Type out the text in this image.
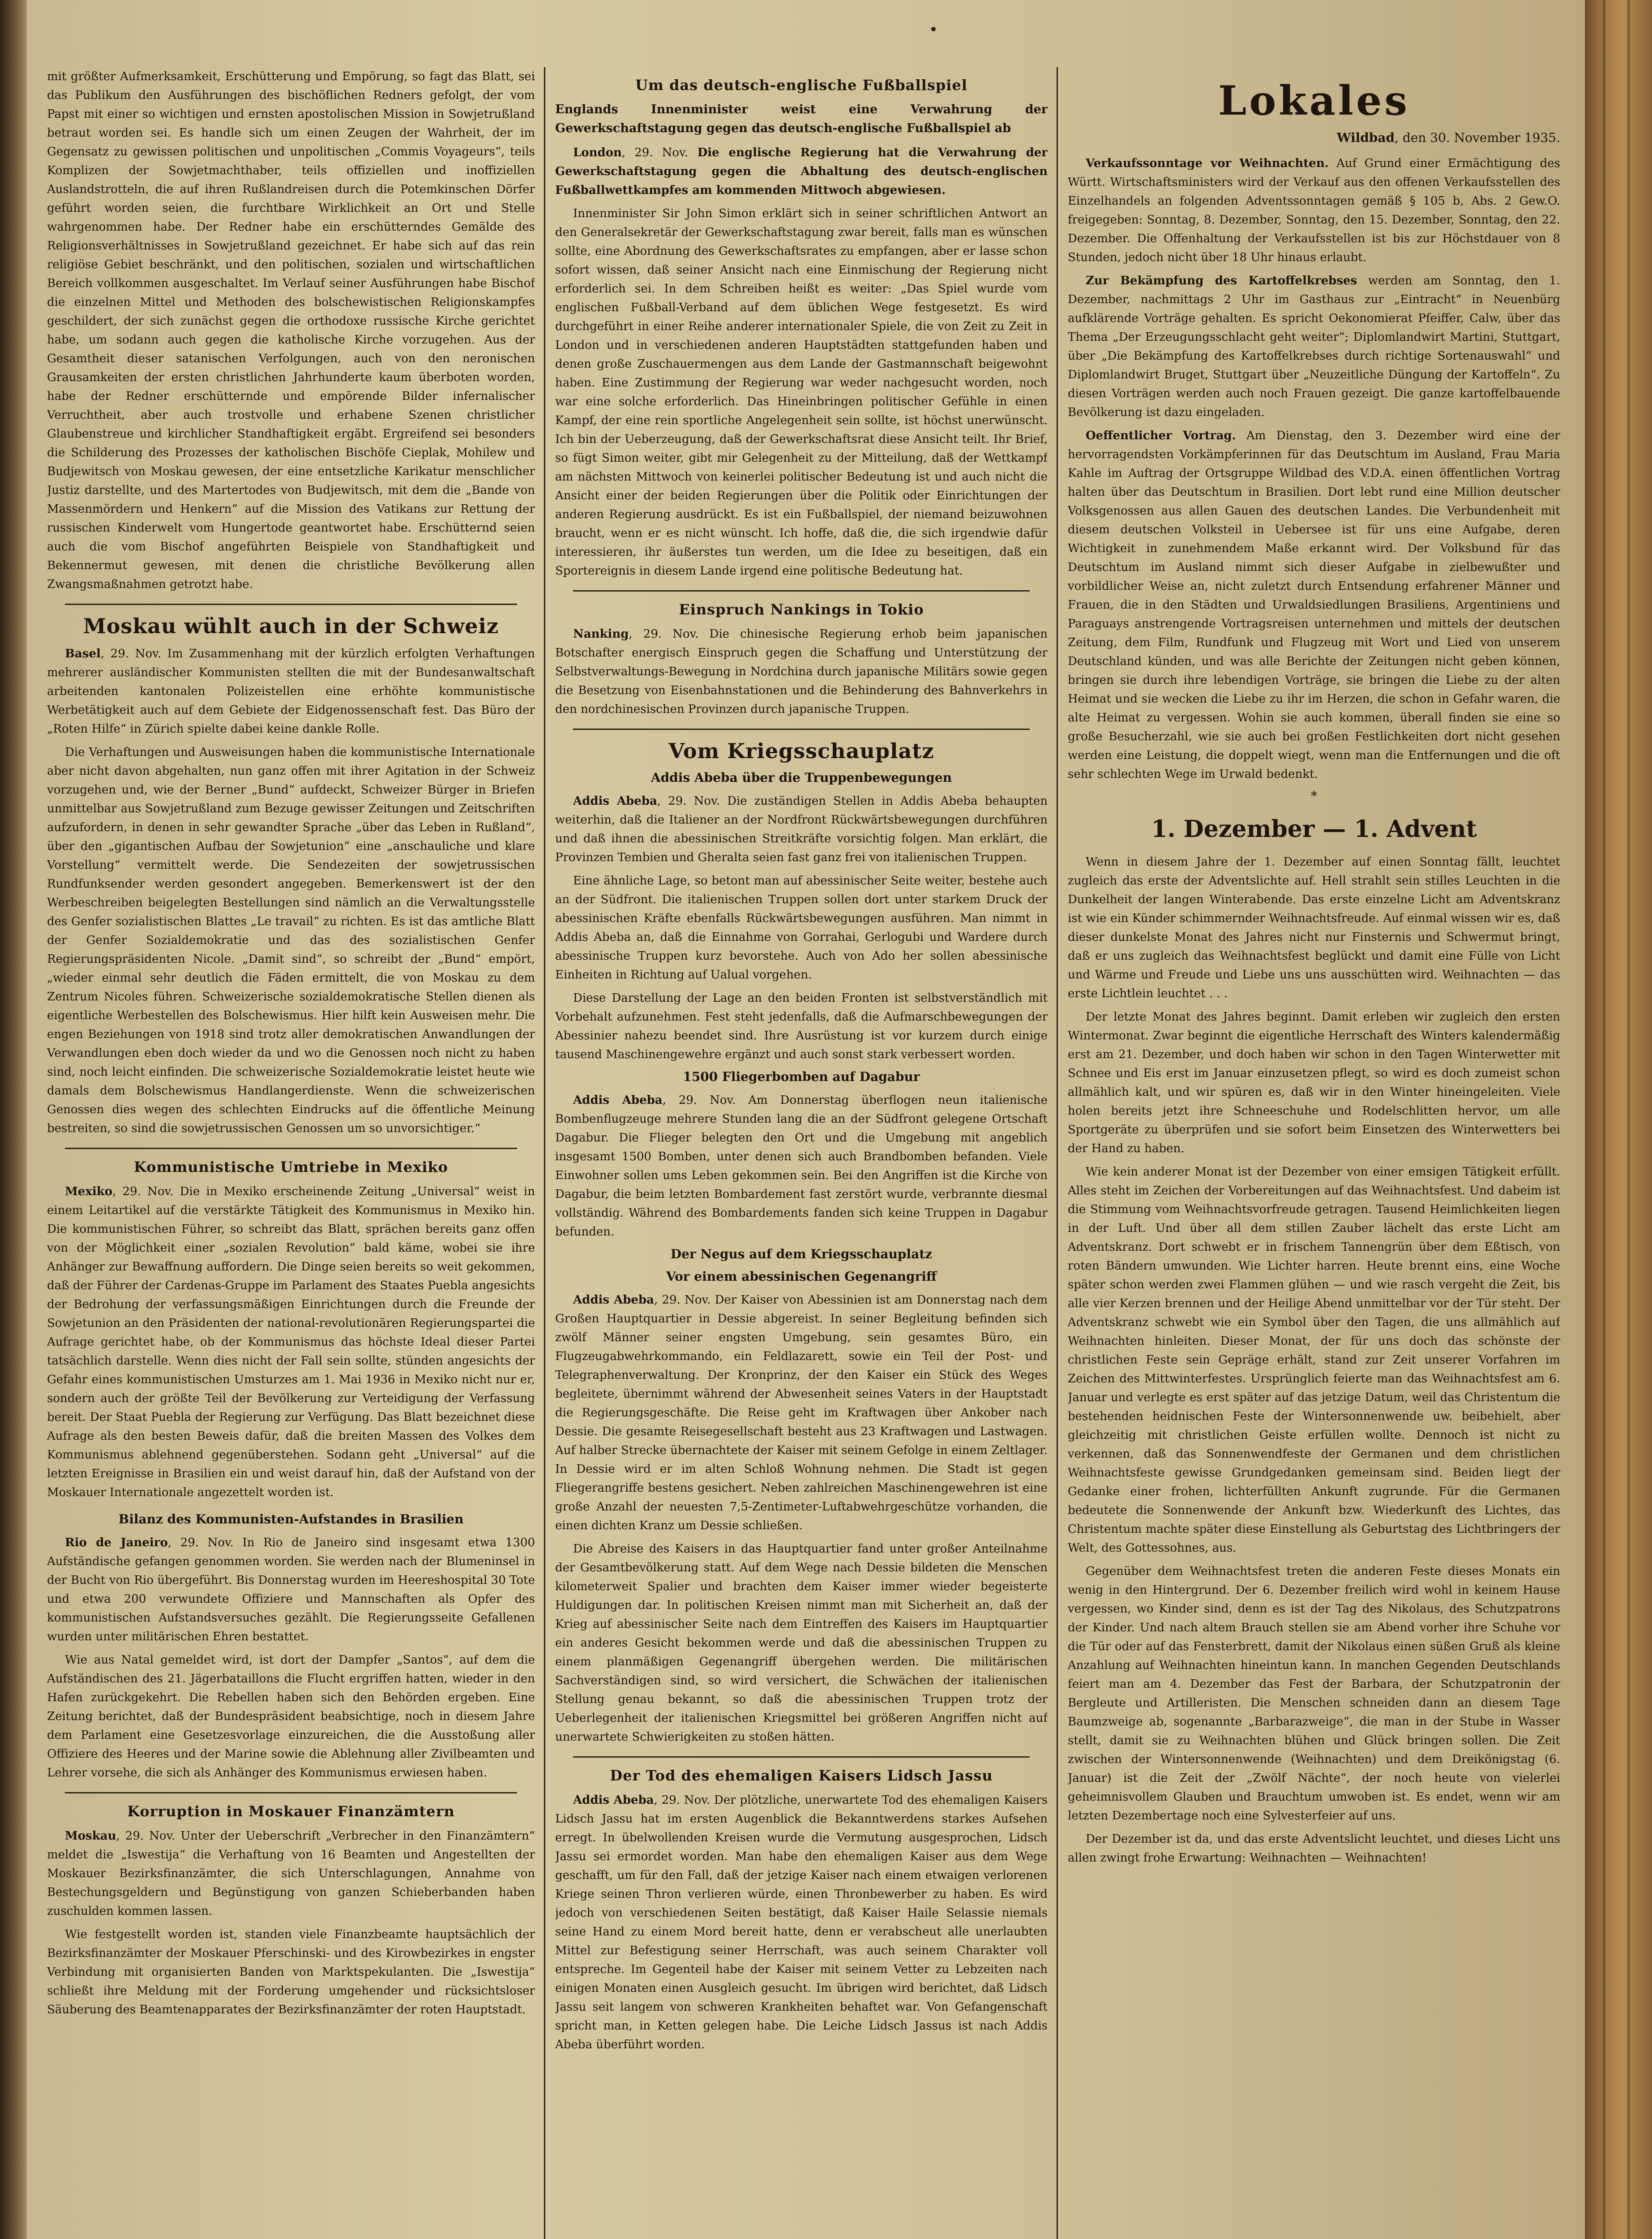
mit größter Aufmerksamkeit, Erschütterung und Empörung, so fagt das Blatt, sei das Publikum den Ausführungen des bischöflichen Redners gefolgt, der vom Papst mit einer so wichtigen und ernsten apostolischen Mission in Sowjetrußland betraut worden sei. Es handle sich um einen Zeugen der Wahrheit, der im Gegensatz zu gewissen politischen und unpolitischen „Commis Voyageurs“, teils Komplizen der Sowjetmachthaber, teils offiziellen und inoffiziellen Auslandstrotteln, die auf ihren Rußlandreisen durch die Potemkinschen Dörfer geführt worden seien, die furchtbare Wirklichkeit an Ort und Stelle wahrgenommen habe. Der Redner habe ein erschütterndes Gemälde des Religionsverhältnisses in Sowjetrußland gezeichnet. Er habe sich auf das rein religiöse Gebiet beschränkt, und den politischen, sozialen und wirtschaftlichen Bereich vollkommen ausgeschaltet. Im Verlauf seiner Ausführungen habe Bischof die einzelnen Mittel und Methoden des bolschewistischen Religionskampfes geschildert, der sich zunächst gegen die orthodoxe russische Kirche gerichtet habe, um sodann auch gegen die katholische Kirche vorzugehen. Aus der Gesamtheit dieser satanischen Verfolgungen, auch von den neronischen Grausamkeiten der ersten christlichen Jahrhunderte kaum überboten worden, habe der Redner erschütternde und empörende Bilder infernalischer Verruchtheit, aber auch trostvolle und erhabene Szenen christlicher Glaubenstreue und kirchlicher Standhaftigkeit ergäbt. Ergreifend sei besonders die Schilderung des Prozesses der katholischen Bischöfe Cieplak, Mohilew und Budjewitsch von Moskau gewesen, der eine entsetzliche Karikatur menschlicher Justiz darstellte, und des Martertodes von Budjewitsch, mit dem die „Bande von Massenmördern und Henkern“ auf die Mission des Vatikans zur Rettung der russischen Kinderwelt vom Hungertode geantwortet habe. Erschütternd seien auch die vom Bischof angeführten Beispiele von Standhaftigkeit und Bekennermut gewesen, mit denen die christliche Bevölkerung allen Zwangsmaßnahmen getrotzt habe.

Moskau wühlt auch in der Schweiz

Basel, 29. Nov. Im Zusammenhang mit der kürzlich erfolgten Verhaftungen mehrerer ausländischer Kommunisten stellten die mit der Bundesanwaltschaft arbeitenden kantonalen Polizeistellen eine erhöhte kommunistische Werbetätigkeit auch auf dem Gebiete der Eidgenossenschaft fest. Das Büro der „Roten Hilfe“ in Zürich spielte dabei keine dankle Rolle.

Die Verhaftungen und Ausweisungen haben die kommunistische Internationale aber nicht davon abgehalten, nun ganz offen mit ihrer Agitation in der Schweiz vorzugehen und, wie der Berner „Bund“ aufdeckt, Schweizer Bürger in Briefen unmittelbar aus Sowjetrußland zum Bezuge gewisser Zeitungen und Zeitschriften aufzufordern, in denen in sehr gewandter Sprache „über das Leben in Rußland“, über den „gigantischen Aufbau der Sowjetunion“ eine „anschauliche und klare Vorstellung“ vermittelt werde. Die Sendezeiten der sowjetrussischen Rundfunksender werden gesondert angegeben. Bemerkenswert ist der den Werbeschreiben beigelegten Bestellungen sind nämlich an die Verwaltungsstelle des Genfer sozialistischen Blattes „Le travail“ zu richten. Es ist das amtliche Blatt der Genfer Sozialdemokratie und das des sozialistischen Genfer Regierungspräsidenten Nicole. „Damit sind“, so schreibt der „Bund“ empört, „wieder einmal sehr deutlich die Fäden ermittelt, die von Moskau zu dem Zentrum Nicoles führen. Schweizerische sozialdemokratische Stellen dienen als eigentliche Werbestellen des Bolschewismus. Hier hilft kein Ausweisen mehr. Die engen Beziehungen von 1918 sind trotz aller demokratischen Anwandlungen der Verwandlungen eben doch wieder da und wo die Genossen noch nicht zu haben sind, noch leicht einfinden. Die schweizerische Sozialdemokratie leistet heute wie damals dem Bolschewismus Handlangerdienste. Wenn die schweizerischen Genossen dies wegen des schlechten Eindrucks auf die öffentliche Meinung bestreiten, so sind die sowjetrussischen Genossen um so unvorsichtiger.“

Kommunistische Umtriebe in Mexiko

Mexiko, 29. Nov. Die in Mexiko erscheinende Zeitung „Universal“ weist in einem Leitartikel auf die verstärkte Tätigkeit des Kommunismus in Mexiko hin. Die kommunistischen Führer, so schreibt das Blatt, sprächen bereits ganz offen von der Möglichkeit einer „sozialen Revolution“ bald käme, wobei sie ihre Anhänger zur Bewaffnung auffordern. Die Dinge seien bereits so weit gekommen, daß der Führer der Cardenas-Gruppe im Parlament des Staates Puebla angesichts der Bedrohung der verfassungsmäßigen Einrichtungen durch die Freunde der Sowjetunion an den Präsidenten der national-revolutionären Regierungspartei die Aufrage gerichtet habe, ob der Kommunismus das höchste Ideal dieser Partei tatsächlich darstelle. Wenn dies nicht der Fall sein sollte, stünden angesichts der Gefahr eines kommunistischen Umsturzes am 1. Mai 1936 in Mexiko nicht nur er, sondern auch der größte Teil der Bevölkerung zur Verteidigung der Verfassung bereit. Der Staat Puebla der Regierung zur Verfügung. Das Blatt bezeichnet diese Aufrage als den besten Beweis dafür, daß die breiten Massen des Volkes dem Kommunismus ablehnend gegenüberstehen. Sodann geht „Universal“ auf die letzten Ereignisse in Brasilien ein und weist darauf hin, daß der Aufstand von der Moskauer Internationale angezettelt worden ist.

Bilanz des Kommunisten-Aufstandes in Brasilien

Rio de Janeiro, 29. Nov. In Rio de Janeiro sind insgesamt etwa 1300 Aufständische gefangen genommen worden. Sie werden nach der Blumeninsel in der Bucht von Rio übergeführt. Bis Donnerstag wurden im Heereshospital 30 Tote und etwa 200 verwundete Offiziere und Mannschaften als Opfer des kommunistischen Aufstandsversuches gezählt. Die Regierungsseite Gefallenen wurden unter militärischen Ehren bestattet.

Wie aus Natal gemeldet wird, ist dort der Dampfer „Santos“, auf dem die Aufständischen des 21. Jägerbataillons die Flucht ergriffen hatten, wieder in den Hafen zurückgekehrt. Die Rebellen haben sich den Behörden ergeben. Eine Zeitung berichtet, daß der Bundespräsident beabsichtige, noch in diesem Jahre dem Parlament eine Gesetzesvorlage einzureichen, die die Ausstoßung aller Offiziere des Heeres und der Marine sowie die Ablehnung aller Zivilbeamten und Lehrer vorsehe, die sich als Anhänger des Kommunismus erwiesen haben.

Korruption in Moskauer Finanzämtern

Moskau, 29. Nov. Unter der Ueberschrift „Verbrecher in den Finanzämtern“ meldet die „Iswestija“ die Verhaftung von 16 Beamten und Angestellten der Moskauer Bezirksfinanzämter, die sich Unterschlagungen, Annahme von Bestechungsgeldern und Begünstigung von ganzen Schieberbanden haben zuschulden kommen lassen.

Wie festgestellt worden ist, standen viele Finanzbeamte hauptsächlich der Bezirksfinanzämter der Moskauer Pferschinski- und des Kirowbezirkes in engster Verbindung mit organisierten Banden von Marktspekulanten. Die „Iswestija“ schließt ihre Meldung mit der Forderung umgehender und rücksichtsloser Säuberung des Beamtenapparates der Bezirksfinanzämter der roten Hauptstadt.

Um das deutsch-englische Fußballspiel

Englands Innenminister weist eine Verwahrung der Gewerkschaftstagung gegen das deutsch-englische Fußballspiel ab

London, 29. Nov. Die englische Regierung hat die Verwahrung der Gewerkschaftstagung gegen die Abhaltung des deutsch-englischen Fußballwettkampfes am kommenden Mittwoch abgewiesen.

Innenminister Sir John Simon erklärt sich in seiner schriftlichen Antwort an den Generalsekretär der Gewerkschaftstagung zwar bereit, falls man es wünschen sollte, eine Abordnung des Gewerkschaftsrates zu empfangen, aber er lasse schon sofort wissen, daß seiner Ansicht nach eine Einmischung der Regierung nicht erforderlich sei. In dem Schreiben heißt es weiter: „Das Spiel wurde vom englischen Fußball-Verband auf dem üblichen Wege festgesetzt. Es wird durchgeführt in einer Reihe anderer internationaler Spiele, die von Zeit zu Zeit in London und in verschiedenen anderen Hauptstädten stattgefunden haben und denen große Zuschauermengen aus dem Lande der Gastmannschaft beigewohnt haben. Eine Zustimmung der Regierung war weder nachgesucht worden, noch war eine solche erforderlich. Das Hineinbringen politischer Gefühle in einen Kampf, der eine rein sportliche Angelegenheit sein sollte, ist höchst unerwünscht. Ich bin der Ueberzeugung, daß der Gewerkschaftsrat diese Ansicht teilt. Ihr Brief, so fügt Simon weiter, gibt mir Gelegenheit zu der Mitteilung, daß der Wettkampf am nächsten Mittwoch von keinerlei politischer Bedeutung ist und auch nicht die Ansicht einer der beiden Regierungen über die Politik oder Einrichtungen der anderen Regierung ausdrückt. Es ist ein Fußballspiel, der niemand beizuwohnen braucht, wenn er es nicht wünscht. Ich hoffe, daß die, die sich irgendwie dafür interessieren, ihr äußerstes tun werden, um die Idee zu beseitigen, daß ein Sportereignis in diesem Lande irgend eine politische Bedeutung hat.

Einspruch Nankings in Tokio

Nanking, 29. Nov. Die chinesische Regierung erhob beim japanischen Botschafter energisch Einspruch gegen die Schaffung und Unterstützung der Selbstverwaltungs-Bewegung in Nordchina durch japanische Militärs sowie gegen die Besetzung von Eisenbahnstationen und die Behinderung des Bahnverkehrs in den nordchinesischen Provinzen durch japanische Truppen.

Vom Kriegsschauplatz
Addis Abeba über die Truppenbewegungen

Addis Abeba, 29. Nov. Die zuständigen Stellen in Addis Abeba behaupten weiterhin, daß die Italiener an der Nordfront Rückwärtsbewegungen durchführen und daß ihnen die abessinischen Streitkräfte vorsichtig folgen. Man erklärt, die Provinzen Tembien und Gheralta seien fast ganz frei von italienischen Truppen.

Eine ähnliche Lage, so betont man auf abessinischer Seite weiter, bestehe auch an der Südfront. Die italienischen Truppen sollen dort unter starkem Druck der abessinischen Kräfte ebenfalls Rückwärtsbewegungen ausführen. Man nimmt in Addis Abeba an, daß die Einnahme von Gorrahai, Gerlogubi und Wardere durch abessinische Truppen kurz bevorstehe. Auch von Ado her sollen abessinische Einheiten in Richtung auf Ualual vorgehen.

Diese Darstellung der Lage an den beiden Fronten ist selbstverständlich mit Vorbehalt aufzunehmen. Fest steht jedenfalls, daß die Aufmarschbewegungen der Abessinier nahezu beendet sind. Ihre Ausrüstung ist vor kurzem durch einige tausend Maschinengewehre ergänzt und auch sonst stark verbessert worden.

1500 Fliegerbomben auf Dagabur

Addis Abeba, 29. Nov. Am Donnerstag überflogen neun italienische Bombenflugzeuge mehrere Stunden lang die an der Südfront gelegene Ortschaft Dagabur. Die Flieger belegten den Ort und die Umgebung mit angeblich insgesamt 1500 Bomben, unter denen sich auch Brandbomben befanden. Viele Einwohner sollen ums Leben gekommen sein. Bei den Angriffen ist die Kirche von Dagabur, die beim letzten Bombardement fast zerstört wurde, verbrannte diesmal vollständig. Während des Bombardements fanden sich keine Truppen in Dagabur befunden.

Der Negus auf dem Kriegsschauplatz
Vor einem abessinischen Gegenangriff

Addis Abeba, 29. Nov. Der Kaiser von Abessinien ist am Donnerstag nach dem Großen Hauptquartier in Dessie abgereist. In seiner Begleitung befinden sich zwölf Männer seiner engsten Umgebung, sein gesamtes Büro, ein Flugzeugabwehrkommando, ein Feldlazarett, sowie ein Teil der Post- und Telegraphenverwaltung. Der Kronprinz, der den Kaiser ein Stück des Weges begleitete, übernimmt während der Abwesenheit seines Vaters in der Hauptstadt die Regierungsgeschäfte. Die Reise geht im Kraftwagen über Ankober nach Dessie. Die gesamte Reisegesellschaft besteht aus 23 Kraftwagen und Lastwagen. Auf halber Strecke übernachtete der Kaiser mit seinem Gefolge in einem Zeltlager. In Dessie wird er im alten Schloß Wohnung nehmen. Die Stadt ist gegen Fliegerangriffe bestens gesichert. Neben zahlreichen Maschinengewehren ist eine große Anzahl der neuesten 7,5-Zentimeter-Luftabwehrgeschütze vorhanden, die einen dichten Kranz um Dessie schließen.

Die Abreise des Kaisers in das Hauptquartier fand unter großer Anteilnahme der Gesamtbevölkerung statt. Auf dem Wege nach Dessie bildeten die Menschen kilometerweit Spalier und brachten dem Kaiser immer wieder begeisterte Huldigungen dar. In politischen Kreisen nimmt man mit Sicherheit an, daß der Krieg auf abessinischer Seite nach dem Eintreffen des Kaisers im Hauptquartier ein anderes Gesicht bekommen werde und daß die abessinischen Truppen zu einem planmäßigen Gegenangriff übergehen werden. Die militärischen Sachverständigen sind, so wird versichert, die Schwächen der italienischen Stellung genau bekannt, so daß die abessinischen Truppen trotz der Ueberlegenheit der italienischen Kriegsmittel bei größeren Angriffen nicht auf unerwartete Schwierigkeiten zu stoßen hätten.

Der Tod des ehemaligen Kaisers Lidsch Jassu

Addis Abeba, 29. Nov. Der plötzliche, unerwartete Tod des ehemaligen Kaisers Lidsch Jassu hat im ersten Augenblick die Bekanntwerdens starkes Aufsehen erregt. In übelwollenden Kreisen wurde die Vermutung ausgesprochen, Lidsch Jassu sei ermordet worden. Man habe den ehemaligen Kaiser aus dem Wege geschafft, um für den Fall, daß der jetzige Kaiser nach einem etwaigen verlorenen Kriege seinen Thron verlieren würde, einen Thronbewerber zu haben. Es wird jedoch von verschiedenen Seiten bestätigt, daß Kaiser Haile Selassie niemals seine Hand zu einem Mord bereit hatte, denn er verabscheut alle unerlaubten Mittel zur Befestigung seiner Herrschaft, was auch seinem Charakter voll entspreche. Im Gegenteil habe der Kaiser mit seinem Vetter zu Lebzeiten nach einigen Monaten einen Ausgleich gesucht. Im übrigen wird berichtet, daß Lidsch Jassu seit langem von schweren Krankheiten behaftet war. Von Gefangenschaft spricht man, in Ketten gelegen habe. Die Leiche Lidsch Jassus ist nach Addis Abeba überführt worden.

Lokales

Wildbad, den 30. November 1935.

Verkaufssonntage vor Weihnachten. Auf Grund einer Ermächtigung des Württ. Wirtschaftsministers wird der Verkauf aus den offenen Verkaufsstellen des Einzelhandels an folgenden Adventssonntagen gemäß § 105 b, Abs. 2 Gew.O. freigegeben: Sonntag, 8. Dezember, Sonntag, den 15. Dezember, Sonntag, den 22. Dezember. Die Offenhaltung der Verkaufsstellen ist bis zur Höchstdauer von 8 Stunden, jedoch nicht über 18 Uhr hinaus erlaubt.

Zur Bekämpfung des Kartoffelkrebses werden am Sonntag, den 1. Dezember, nachmittags 2 Uhr im Gasthaus zur „Eintracht“ in Neuenbürg aufklärende Vorträge gehalten. Es spricht Oekonomierat Pfeiffer, Calw, über das Thema „Der Erzeugungsschlacht geht weiter“; Diplomlandwirt Martini, Stuttgart, über „Die Bekämpfung des Kartoffelkrebses durch richtige Sortenauswahl“ und Diplomlandwirt Bruget, Stuttgart über „Neuzeitliche Düngung der Kartoffeln“. Zu diesen Vorträgen werden auch noch Frauen gezeigt. Die ganze kartoffelbauende Bevölkerung ist dazu eingeladen.

Oeffentlicher Vortrag. Am Dienstag, den 3. Dezember wird eine der hervorragendsten Vorkämpferinnen für das Deutschtum im Ausland, Frau Maria Kahle im Auftrag der Ortsgruppe Wildbad des V.D.A. einen öffentlichen Vortrag halten über das Deutschtum in Brasilien. Dort lebt rund eine Million deutscher Volksgenossen aus allen Gauen des deutschen Landes. Die Verbundenheit mit diesem deutschen Volksteil in Uebersee ist für uns eine Aufgabe, deren Wichtigkeit in zunehmendem Maße erkannt wird. Der Volksbund für das Deutschtum im Ausland nimmt sich dieser Aufgabe in zielbewußter und vorbildlicher Weise an, nicht zuletzt durch Entsendung erfahrener Männer und Frauen, die in den Städten und Urwaldsiedlungen Brasiliens, Argentiniens und Paraguays anstrengende Vortragsreisen unternehmen und mittels der deutschen Zeitung, dem Film, Rundfunk und Flugzeug mit Wort und Lied von unserem Deutschland künden, und was alle Berichte der Zeitungen nicht geben können, bringen sie durch ihre lebendigen Vorträge, sie bringen die Liebe zu der alten Heimat und sie wecken die Liebe zu ihr im Herzen, die schon in Gefahr waren, die alte Heimat zu vergessen. Wohin sie auch kommen, überall finden sie eine so große Besucherzahl, wie sie auch bei großen Festlichkeiten dort nicht gesehen werden eine Leistung, die doppelt wiegt, wenn man die Entfernungen und die oft sehr schlechten Wege im Urwald bedenkt.

*
1. Dezember — 1. Advent

Wenn in diesem Jahre der 1. Dezember auf einen Sonntag fällt, leuchtet zugleich das erste der Adventslichte auf. Hell strahlt sein stilles Leuchten in die Dunkelheit der langen Winterabende. Das erste einzelne Licht am Adventskranz ist wie ein Künder schimmernder Weihnachtsfreude. Auf einmal wissen wir es, daß dieser dunkelste Monat des Jahres nicht nur Finsternis und Schwermut bringt, daß er uns zugleich das Weihnachtsfest beglückt und damit eine Fülle von Licht und Wärme und Freude und Liebe uns uns ausschütten wird. Weihnachten — das erste Lichtlein leuchtet . . .

Der letzte Monat des Jahres beginnt. Damit erleben wir zugleich den ersten Wintermonat. Zwar beginnt die eigentliche Herrschaft des Winters kalendermäßig erst am 21. Dezember, und doch haben wir schon in den Tagen Winterwetter mit Schnee und Eis erst im Januar einzusetzen pflegt, so wird es doch zumeist schon allmählich kalt, und wir spüren es, daß wir in den Winter hineingeleiten. Viele holen bereits jetzt ihre Schneeschuhe und Rodelschlitten hervor, um alle Sportgeräte zu überprüfen und sie sofort beim Einsetzen des Winterwetters bei der Hand zu haben.

Wie kein anderer Monat ist der Dezember von einer emsigen Tätigkeit erfüllt. Alles steht im Zeichen der Vorbereitungen auf das Weihnachtsfest. Und dabeim ist die Stimmung vom Weihnachtsvorfreude getragen. Tausend Heimlichkeiten liegen in der Luft. Und über all dem stillen Zauber lächelt das erste Licht am Adventskranz. Dort schwebt er in frischem Tannengrün über dem Eßtisch, von roten Bändern umwunden. Wie Lichter harren. Heute brennt eins, eine Woche später schon werden zwei Flammen glühen — und wie rasch vergeht die Zeit, bis alle vier Kerzen brennen und der Heilige Abend unmittelbar vor der Tür steht. Der Adventskranz schwebt wie ein Symbol über den Tagen, die uns allmählich auf Weihnachten hinleiten. Dieser Monat, der für uns doch das schönste der christlichen Feste sein Gepräge erhält, stand zur Zeit unserer Vorfahren im Zeichen des Mittwinterfestes. Ursprünglich feierte man das Weihnachtsfest am 6. Januar und verlegte es erst später auf das jetzige Datum, weil das Christentum die bestehenden heidnischen Feste der Wintersonnenwende uw. beibehielt, aber gleichzeitig mit christlichen Geiste erfüllen wollte. Dennoch ist nicht zu verkennen, daß das Sonnenwendfeste der Germanen und dem christlichen Weihnachtsfeste gewisse Grundgedanken gemeinsam sind. Beiden liegt der Gedanke einer frohen, lichterfüllten Ankunft zugrunde. Für die Germanen bedeutete die Sonnenwende der Ankunft bzw. Wiederkunft des Lichtes, das Christentum machte später diese Einstellung als Geburtstag des Lichtbringers der Welt, des Gottessohnes, aus.

Gegenüber dem Weihnachtsfest treten die anderen Feste dieses Monats ein wenig in den Hintergrund. Der 6. Dezember freilich wird wohl in keinem Hause vergessen, wo Kinder sind, denn es ist der Tag des Nikolaus, des Schutzpatrons der Kinder. Und nach altem Brauch stellen sie am Abend vorher ihre Schuhe vor die Tür oder auf das Fensterbrett, damit der Nikolaus einen süßen Gruß als kleine Anzahlung auf Weihnachten hineintun kann. In manchen Gegenden Deutschlands feiert man am 4. Dezember das Fest der Barbara, der Schutzpatronin der Bergleute und Artilleristen. Die Menschen schneiden dann an diesem Tage Baumzweige ab, sogenannte „Barbarazweige“, die man in der Stube in Wasser stellt, damit sie zu Weihnachten blühen und Glück bringen sollen. Die Zeit zwischen der Wintersonnenwende (Weihnachten) und dem Dreikönigstag (6. Januar) ist die Zeit der „Zwölf Nächte“, der noch heute von vielerlei geheimnisvollem Glauben und Brauchtum umwoben ist. Es endet, wenn wir am letzten Dezembertage noch eine Sylvesterfeier auf uns.

Der Dezember ist da, und das erste Adventslicht leuchtet, und dieses Licht uns allen zwingt frohe Erwartung: Weihnachten — Weihnachten!
